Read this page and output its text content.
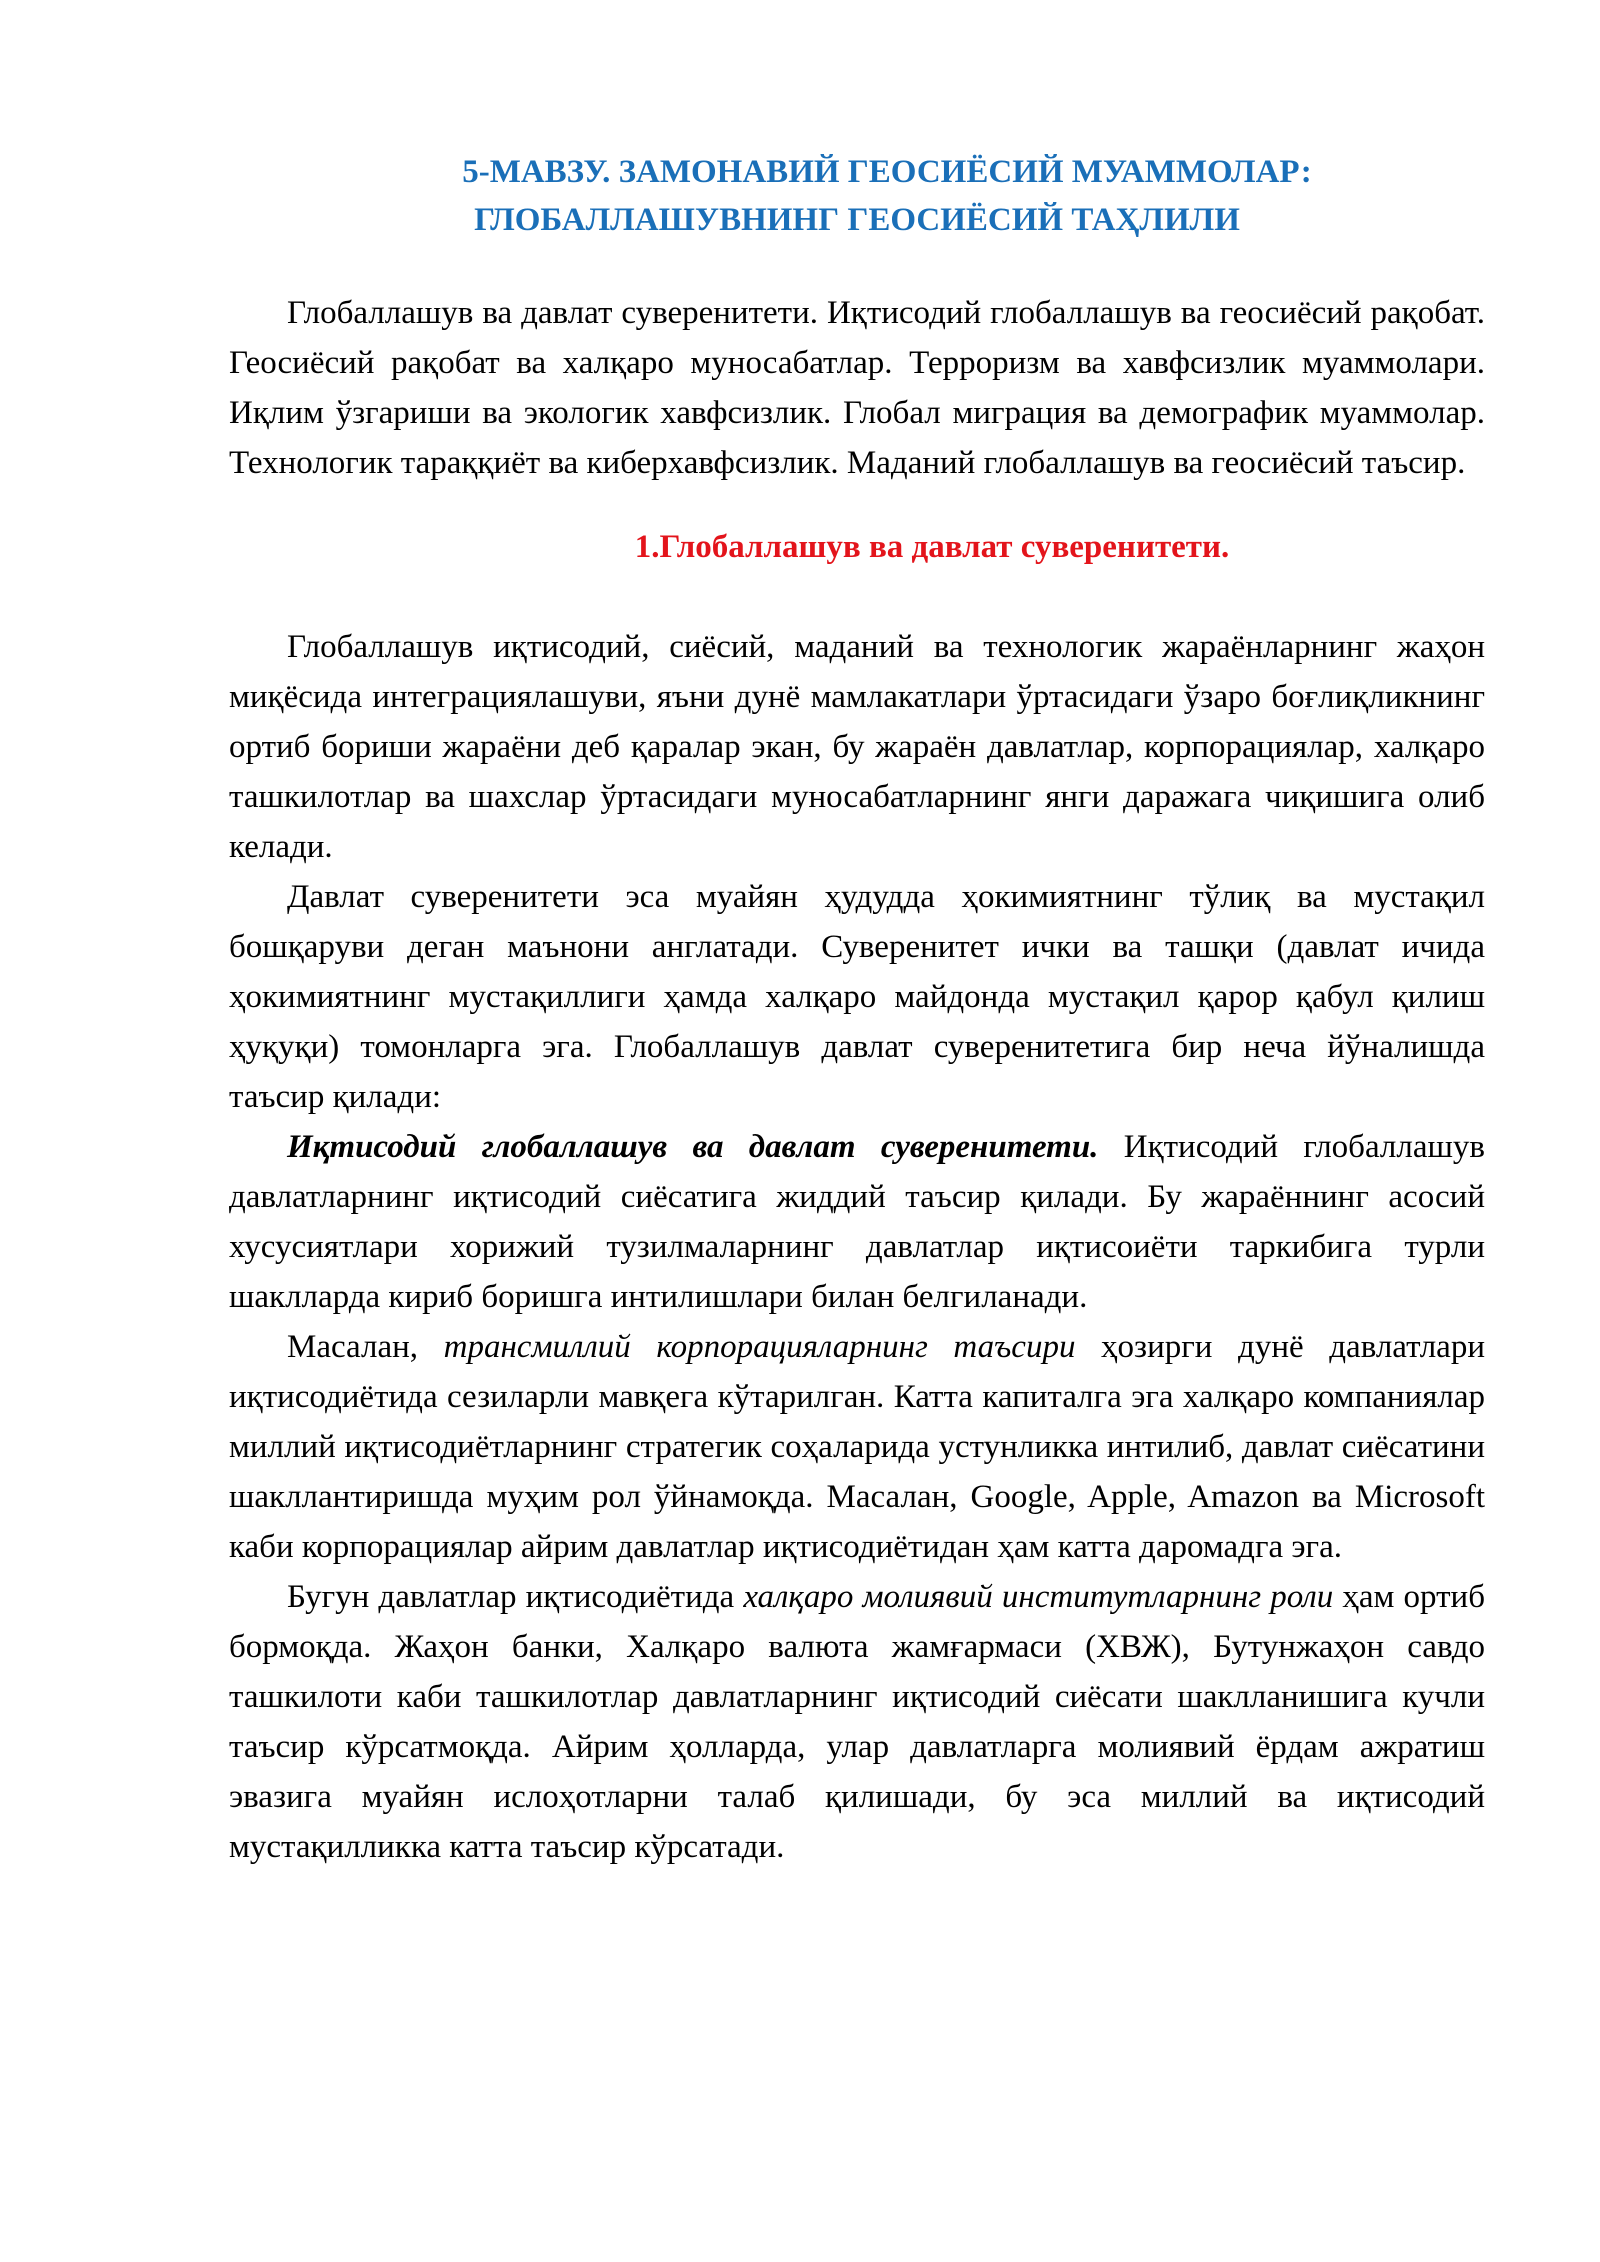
5-МАВЗУ. ЗАМОНАВИЙ ГЕОСИЁСИЙ МУАММОЛАР:
ГЛОБАЛЛАШУВНИНГ ГЕОСИЁСИЙ ТАҲЛИЛИ

Глобаллашув ва давлат суверенитети. Иқтисодий глобаллашув ва геосиёсий рақобат. Геосиёсий рақобат ва халқаро муносабатлар. Терроризм ва хавфсизлик муаммолари. Иқлим ўзгариши ва экологик хавфсизлик. Глобал миграция ва демографик муаммолар. Технологик тараққиёт ва киберхавфсизлик. Маданий глобаллашув ва геосиёсий таъсир.

1.Глобаллашув ва давлат суверенитети.

Глобаллашув иқтисодий, сиёсий, маданий ва технологик жараёнларнинг жаҳон миқёсида интеграциялашуви, яъни дунё мамлакатлари ўртасидаги ўзаро боғлиқликнинг ортиб бориши жараёни деб қаралар экан, бу жараён давлатлар, корпорациялар, халқаро ташкилотлар ва шахслар ўртасидаги муносабатларнинг янги даражага чиқишига олиб келади.

Давлат суверенитети эса муайян ҳудудда ҳокимиятнинг тўлиқ ва мустақил бошқаруви деган маънони англатади. Суверенитет ички ва ташқи (давлат ичида ҳокимиятнинг мустақиллиги ҳамда халқаро майдонда мустақил қарор қабул қилиш ҳуқуқи) томонларга эга. Глобаллашув давлат суверенитетига бир неча йўналишда таъсир қилади:

Иқтисодий глобаллашув ва давлат суверенитети. Иқтисодий глобаллашув давлатларнинг иқтисодий сиёсатига жиддий таъсир қилади. Бу жараённинг асосий хусусиятлари хорижий тузилмаларнинг давлатлар иқтисоиёти таркибига турли шаклларда кириб боришга интилишлари билан белгиланади.

Масалан, трансмиллий корпорацияларнинг таъсири ҳозирги дунё давлатлари иқтисодиётида сезиларли мавқега кўтарилган. Катта капиталга эга халқаро компаниялар миллий иқтисодиётларнинг стратегик соҳаларида устунликка интилиб, давлат сиёсатини шакллантиришда муҳим рол ўйнамоқда. Масалан, Google, Apple, Amazon ва Microsoft каби корпорациялар айрим давлатлар иқтисодиётидан ҳам катта даромадга эга.

Бугун давлатлар иқтисодиётида халқаро молиявий институтларнинг роли ҳам ортиб бормоқда. Жаҳон банки, Халқаро валюта жамғармаси (ХВЖ), Бутунжаҳон савдо ташкилоти каби ташкилотлар давлатларнинг иқтисодий сиёсати шаклланишига кучли таъсир кўрсатмоқда. Айрим ҳолларда, улар давлатларга молиявий ёрдам ажратиш эвазига муайян ислоҳотларни талаб қилишади, бу эса миллий ва иқтисодий мустақилликка катта таъсир кўрсатади.
